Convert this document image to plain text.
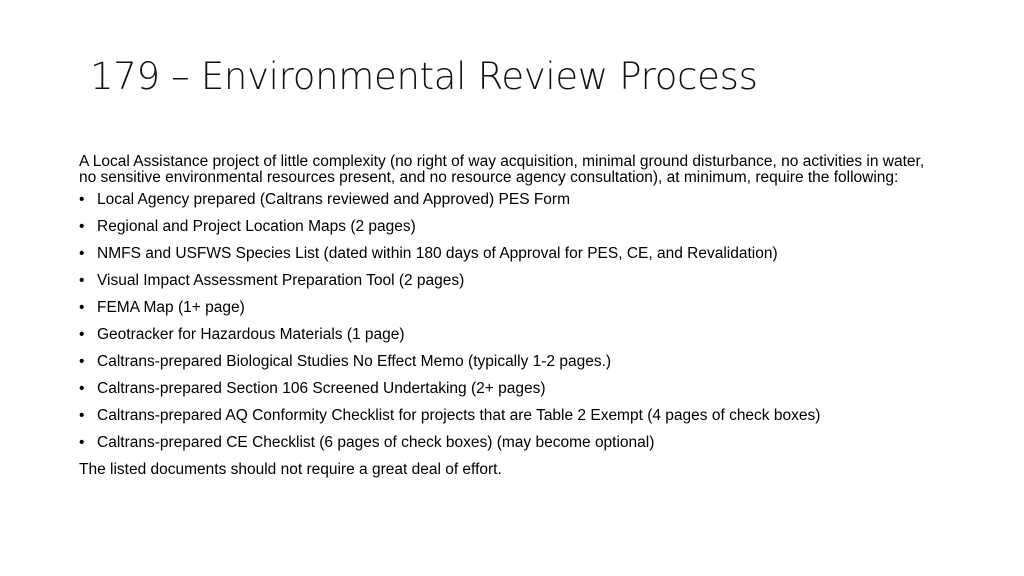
179 – Environmental Review Process

A Local Assistance project of little complexity (no right of way acquisition, minimal ground disturbance, no activities in water, no sensitive environmental resources present, and no resource agency consultation), at minimum, require the following:

• Local Agency prepared (Caltrans reviewed and Approved) PES Form
• Regional and Project Location Maps (2 pages)
• NMFS and USFWS Species List (dated within 180 days of Approval for PES, CE, and Revalidation)
• Visual Impact Assessment Preparation Tool (2 pages)
• FEMA Map (1+ page)
• Geotracker for Hazardous Materials (1 page)
• Caltrans-prepared Biological Studies No Effect Memo (typically 1-2 pages.)
• Caltrans-prepared Section 106 Screened Undertaking (2+ pages)
• Caltrans-prepared AQ Conformity Checklist for projects that are Table 2 Exempt (4 pages of check boxes)
• Caltrans-prepared CE Checklist (6 pages of check boxes) (may become optional)

The listed documents should not require a great deal of effort.
